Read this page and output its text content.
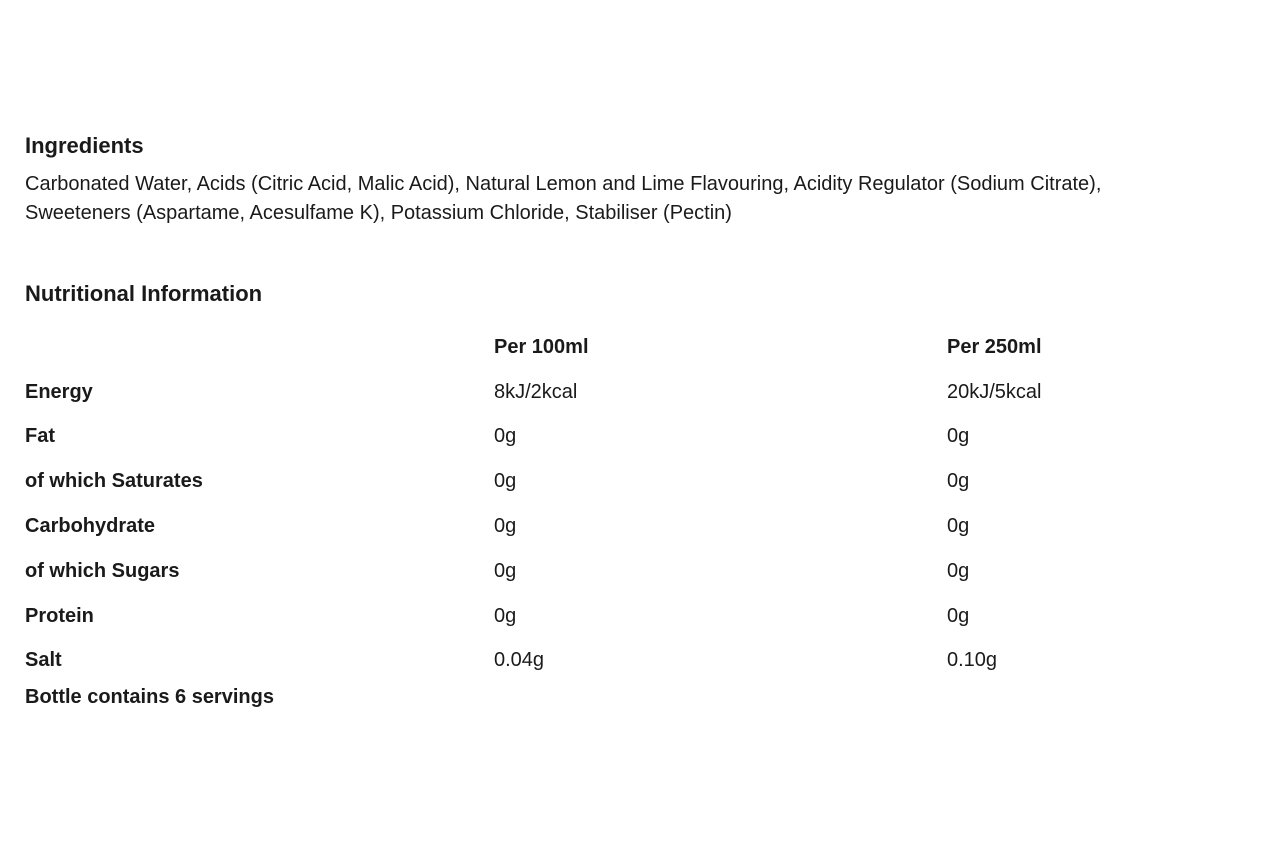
Ingredients

Carbonated Water, Acids (Citric Acid, Malic Acid), Natural Lemon and Lime Flavouring, Acidity Regulator (Sodium Citrate),
Sweeteners (Aspartame, Acesulfame K), Potassium Chloride, Stabiliser (Pectin)

Nutritional Information
	Per 100ml	Per 250ml
Energy	8kJ/2kcal	20kJ/5kcal
Fat	0g	0g
of which Saturates	0g	0g
Carbohydrate	0g	0g
of which Sugars	0g	0g
Protein	0g	0g
Salt	0.04g	0.10g

Bottle contains 6 servings
